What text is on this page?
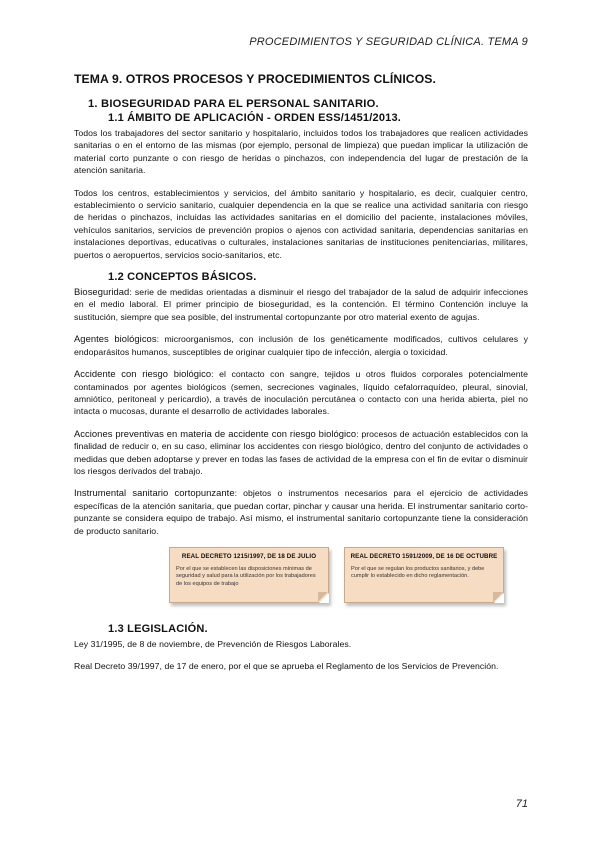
PROCEDIMIENTOS Y SEGURIDAD CLÍNICA. TEMA 9
TEMA 9. OTROS PROCESOS Y PROCEDIMIENTOS CLÍNICOS.
1. BIOSEGURIDAD PARA EL PERSONAL SANITARIO.
1.1 ÁMBITO DE APLICACIÓN - ORDEN ESS/1451/2013.

Todos los trabajadores del sector sanitario y hospitalario, incluidos todos los trabajadores que realicen actividades sanitarias o en el entorno de las mismas (por ejemplo, personal de limpieza) que puedan implicar la utilización de material corto punzante o con riesgo de heridas o pinchazos, con independencia del lugar de prestación de la atención sanitaria.

Todos los centros, establecimientos y servicios, del ámbito sanitario y hospitalario, es decir, cualquier centro, establecimiento o servicio sanitario, cualquier dependencia en la que se realice una actividad sanitaria con riesgo de heridas o pinchazos, incluidas las actividades sanitarias en el domicilio del paciente, instalaciones móviles, vehículos sanitarios, servicios de prevención propios o ajenos con actividad sanitaria, dependencias sanitarias en instalaciones deportivas, educativas o culturales, instalaciones sanitarias de instituciones penitenciarias, militares, puertos o aeropuertos, servicios socio-sanitarios, etc.

1.2 CONCEPTOS BÁSICOS.

Bioseguridad: serie de medidas orientadas a disminuir el riesgo del trabajador de la salud de adquirir infecciones en el medio laboral. El primer principio de bioseguridad, es la contención. El término Contención incluye la sustitución, siempre que sea posible, del instrumental cortopunzante por otro material exento de agujas.

Agentes biológicos: microorganismos, con inclusión de los genéticamente modificados, cultivos celulares y endoparásitos humanos, susceptibles de originar cualquier tipo de infección, alergia o toxicidad.

Accidente con riesgo biológico: el contacto con sangre, tejidos u otros fluidos corporales potencialmente contaminados por agentes biológicos (semen, secreciones vaginales, líquido cefalorraquídeo, pleural, sinovial, amniótico, peritoneal y pericardio), a través de inoculación percutánea o contacto con una herida abierta, piel no intacta o mucosas, durante el desarrollo de actividades laborales.

Acciones preventivas en materia de accidente con riesgo biológico: procesos de actuación establecidos con la finalidad de reducir o, en su caso, eliminar los accidentes con riesgo biológico, dentro del conjunto de actividades o medidas que deben adoptarse y prever en todas las fases de actividad de la empresa con el fin de evitar o disminuir los riesgos derivados del trabajo.

Instrumental sanitario cortopunzante: objetos o instrumentos necesarios para el ejercicio de actividades específicas de la atención sanitaria, que puedan cortar, pinchar y causar una herida. El instrumentar sanitario corto-punzante se considera equipo de trabajo. Así mismo, el instrumental sanitario cortopunzante tiene la consideración de producto sanitario.

REAL DECRETO 1215/1997, DE 18 DE JULIO
Por el que se establecen las disposiciones mínimas de seguridad y salud para la utilización por los trabajadores de los equipos de trabajo
REAL DECRETO 1591/2009, DE 16 DE OCTUBRE
Por el que se regulan los productos sanitarios, y debe cumplir lo establecido en dicho reglamentación.
1.3 LEGISLACIÓN.

Ley 31/1995, de 8 de noviembre, de Prevención de Riesgos Laborales.

Real Decreto 39/1997, de 17 de enero, por el que se aprueba el Reglamento de los Servicios de Prevención.

71
